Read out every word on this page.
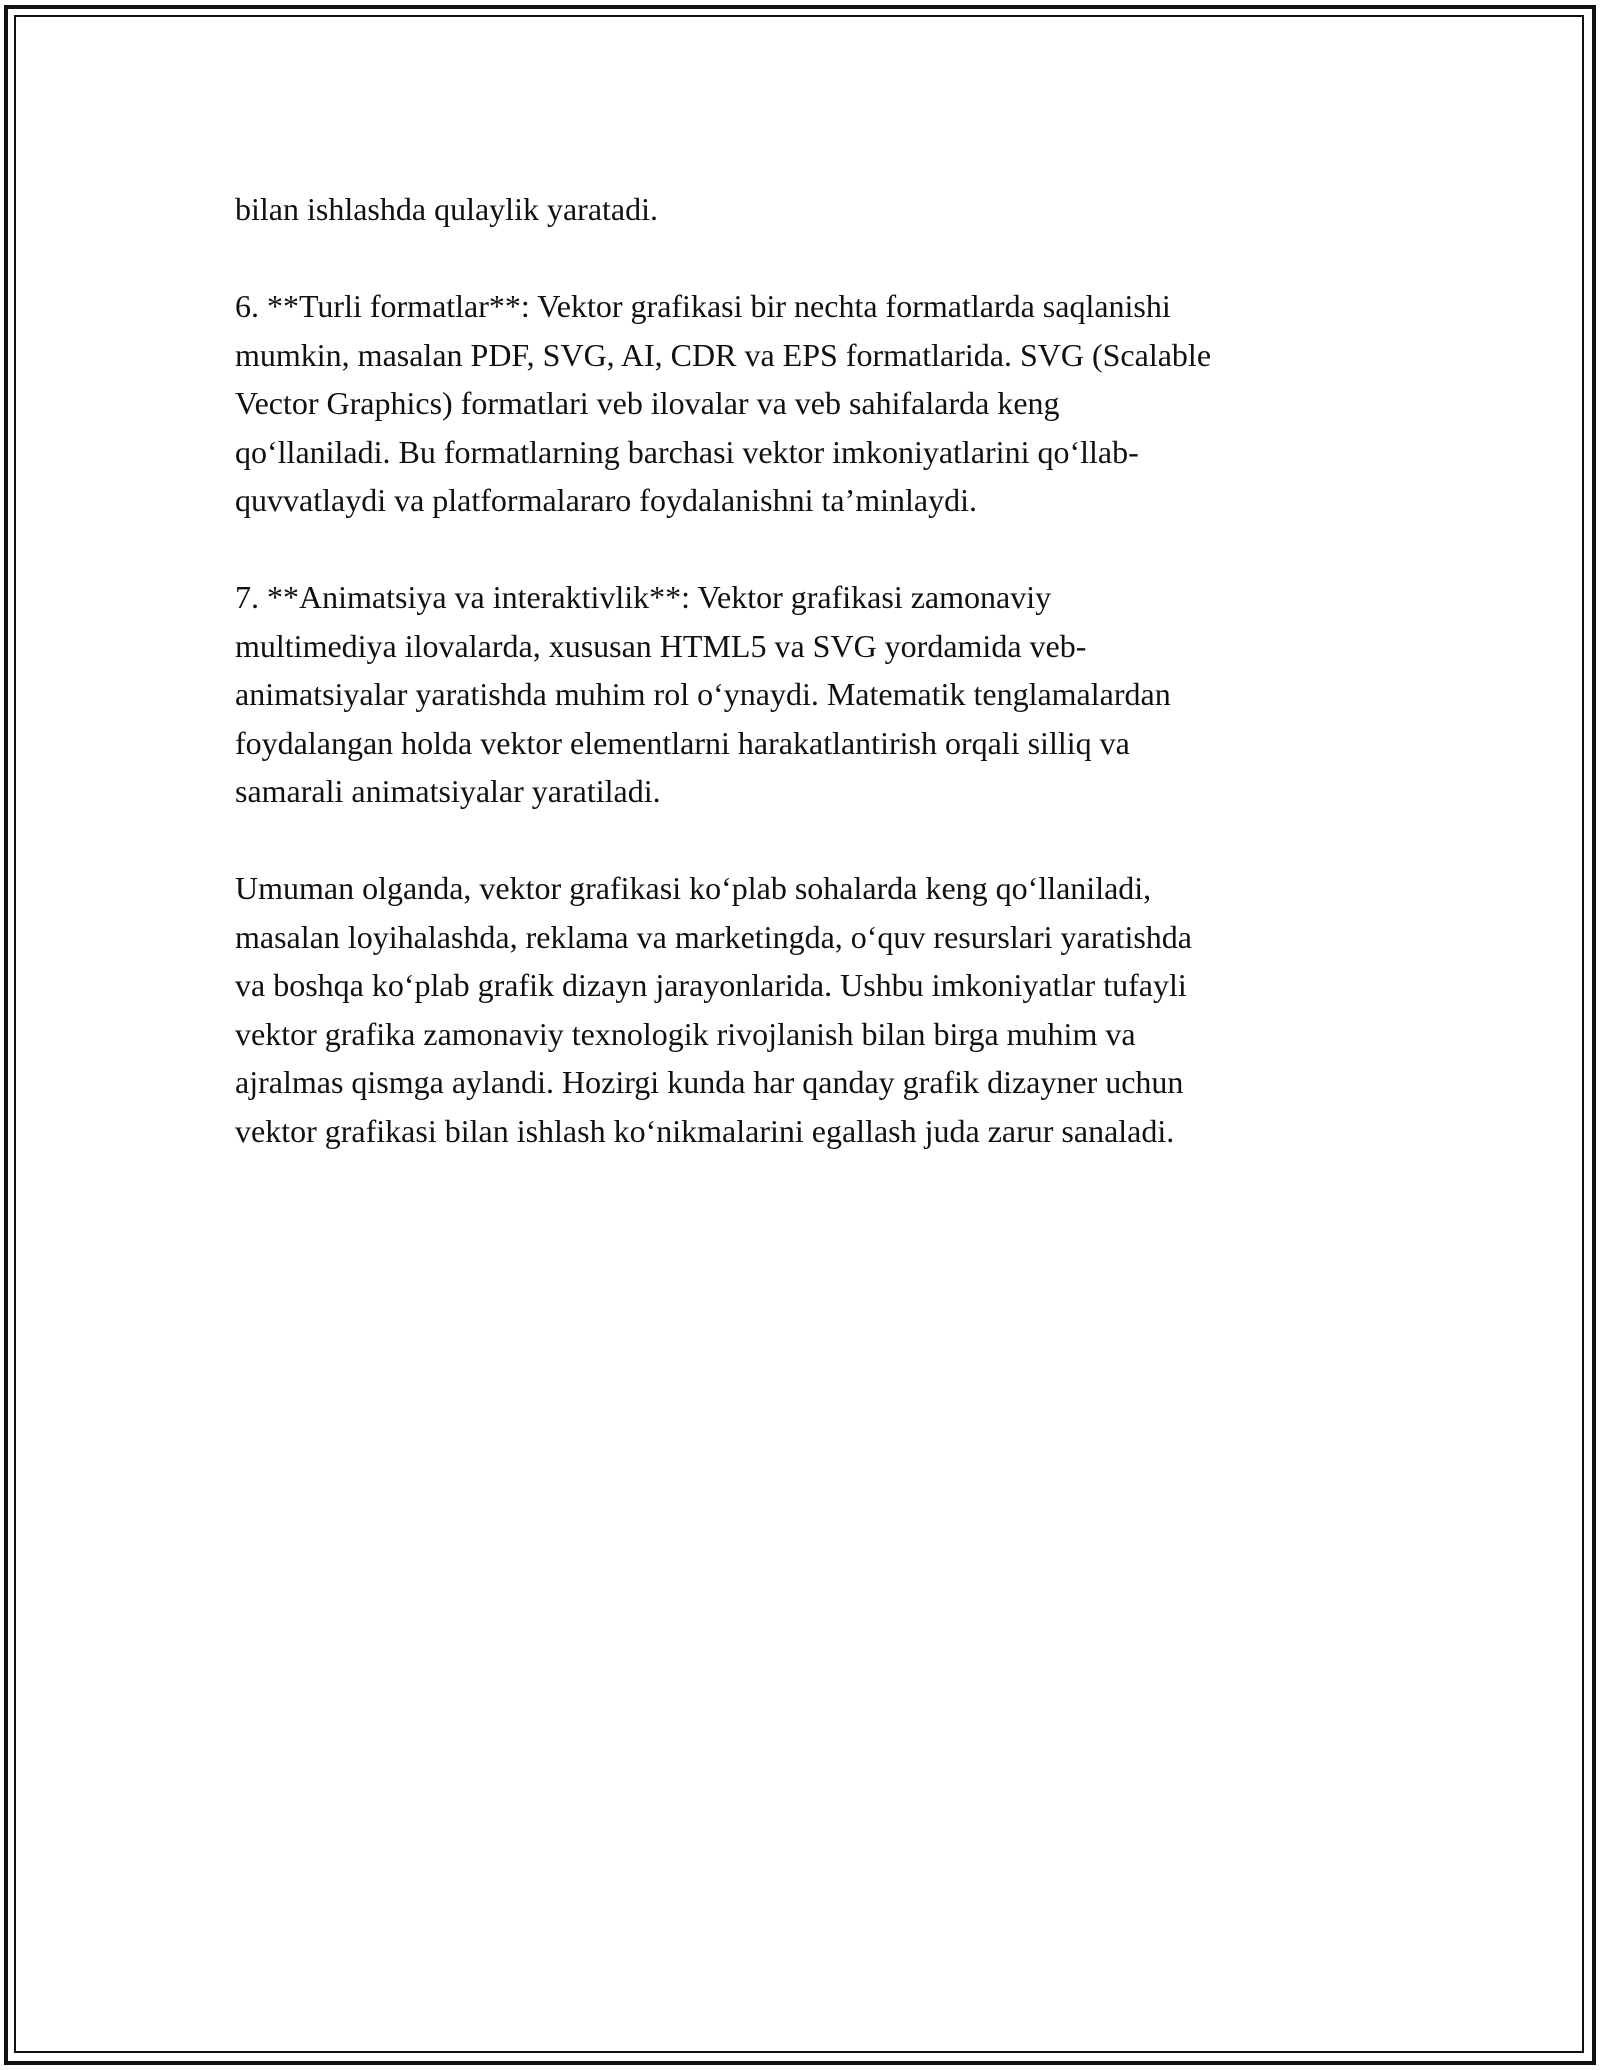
bilan ishlashda qulaylik yaratadi.

6. **Turli formatlar**: Vektor grafikasi bir nechta formatlarda saqlanishi
mumkin, masalan PDF, SVG, AI, CDR va EPS formatlarida. SVG (Scalable
Vector Graphics) formatlari veb ilovalar va veb sahifalarda keng
qo‘llaniladi. Bu formatlarning barchasi vektor imkoniyatlarini qo‘llab-
quvvatlaydi va platformalararo foydalanishni ta’minlaydi.

7. **Animatsiya va interaktivlik**: Vektor grafikasi zamonaviy
multimediya ilovalarda, xususan HTML5 va SVG yordamida veb-
animatsiyalar yaratishda muhim rol o‘ynaydi. Matematik tenglamalardan
foydalangan holda vektor elementlarni harakatlantirish orqali silliq va
samarali animatsiyalar yaratiladi.

Umuman olganda, vektor grafikasi ko‘plab sohalarda keng qo‘llaniladi,
masalan loyihalashda, reklama va marketingda, o‘quv resurslari yaratishda
va boshqa ko‘plab grafik dizayn jarayonlarida. Ushbu imkoniyatlar tufayli
vektor grafika zamonaviy texnologik rivojlanish bilan birga muhim va
ajralmas qismga aylandi. Hozirgi kunda har qanday grafik dizayner uchun
vektor grafikasi bilan ishlash ko‘nikmalarini egallash juda zarur sanaladi.
